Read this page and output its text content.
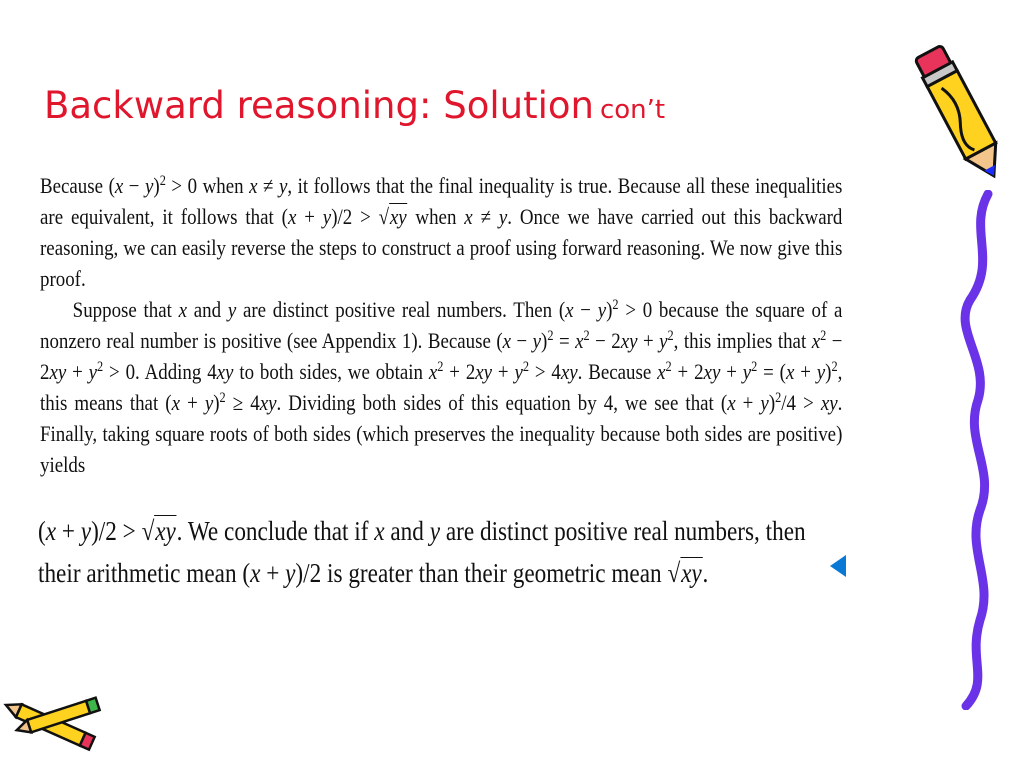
Backward reasoning: Solution con’t

Because $(x - y)^2 > 0$ when x ≠ y, it follows that the final inequality is true. Because all these inequalities are equivalent, it follows that (x + y)/2 > √xy when x ≠ y. Once we have carried out this backward reasoning, we can easily reverse the steps to construct a proof using forward reasoning. We now give this proof.

Suppose that x and y are distinct positive real numbers. Then $(x - y)^2 > 0$ because the square of a nonzero real number is positive (see Appendix 1). Because $(x - y)^2 = x^2 - 2xy + y^2$, this implies that $x^2 - 2xy + y^2 > 0$. Adding 4xy to both sides, we obtain $x^2 + 2xy + y^2 > 4xy$. Because $x^2 + 2xy + y^2 = (x + y)^2$, this means that $(x + y)^2 \ge 4xy$. Dividing both sides of this equation by 4, we see that $(x + y)^2/4$ > xy. Finally, taking square roots of both sides (which preserves the inequality because both sides are positive) yields

(x + y)/2 > √xy. We conclude that if x and y are distinct positive real numbers, then their arithmetic mean (x + y)/2 is greater than their geometric mean √xy.
